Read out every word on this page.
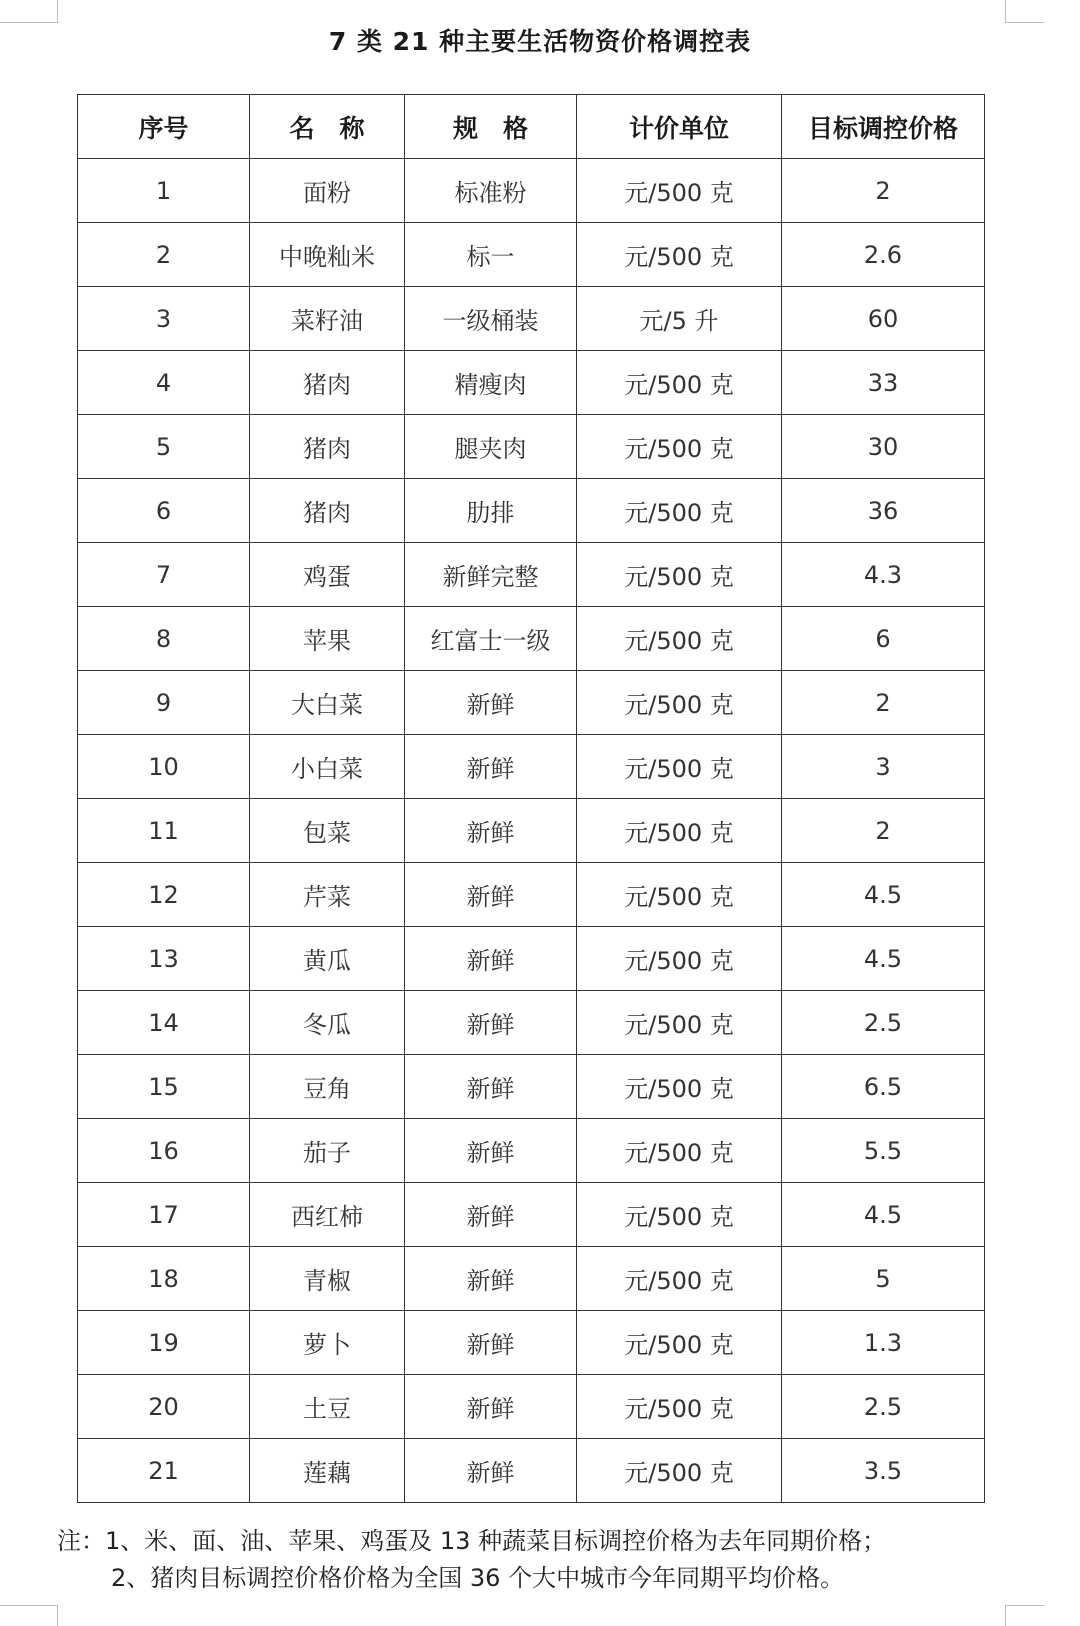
7 类 21 种主要生活物资价格调控表
序号	名　称	规　格	计价单位	目标调控价格
1	面粉	标准粉	元/500 克	2
2	中晚籼米	标一	元/500 克	2.6
3	菜籽油	一级桶装	元/5 升	60
4	猪肉	精瘦肉	元/500 克	33
5	猪肉	腿夹肉	元/500 克	30
6	猪肉	肋排	元/500 克	36
7	鸡蛋	新鲜完整	元/500 克	4.3
8	苹果	红富士一级	元/500 克	6
9	大白菜	新鲜	元/500 克	2
10	小白菜	新鲜	元/500 克	3
11	包菜	新鲜	元/500 克	2
12	芹菜	新鲜	元/500 克	4.5
13	黄瓜	新鲜	元/500 克	4.5
14	冬瓜	新鲜	元/500 克	2.5
15	豆角	新鲜	元/500 克	6.5
16	茄子	新鲜	元/500 克	5.5
17	西红柿	新鲜	元/500 克	4.5
18	青椒	新鲜	元/500 克	5
19	萝卜	新鲜	元/500 克	1.3
20	土豆	新鲜	元/500 克	2.5
21	莲藕	新鲜	元/500 克	3.5
注：1、米、面、油、苹果、鸡蛋及 13 种蔬菜目标调控价格为去年同期价格；
2、猪肉目标调控价格价格为全国 36 个大中城市今年同期平均价格。
